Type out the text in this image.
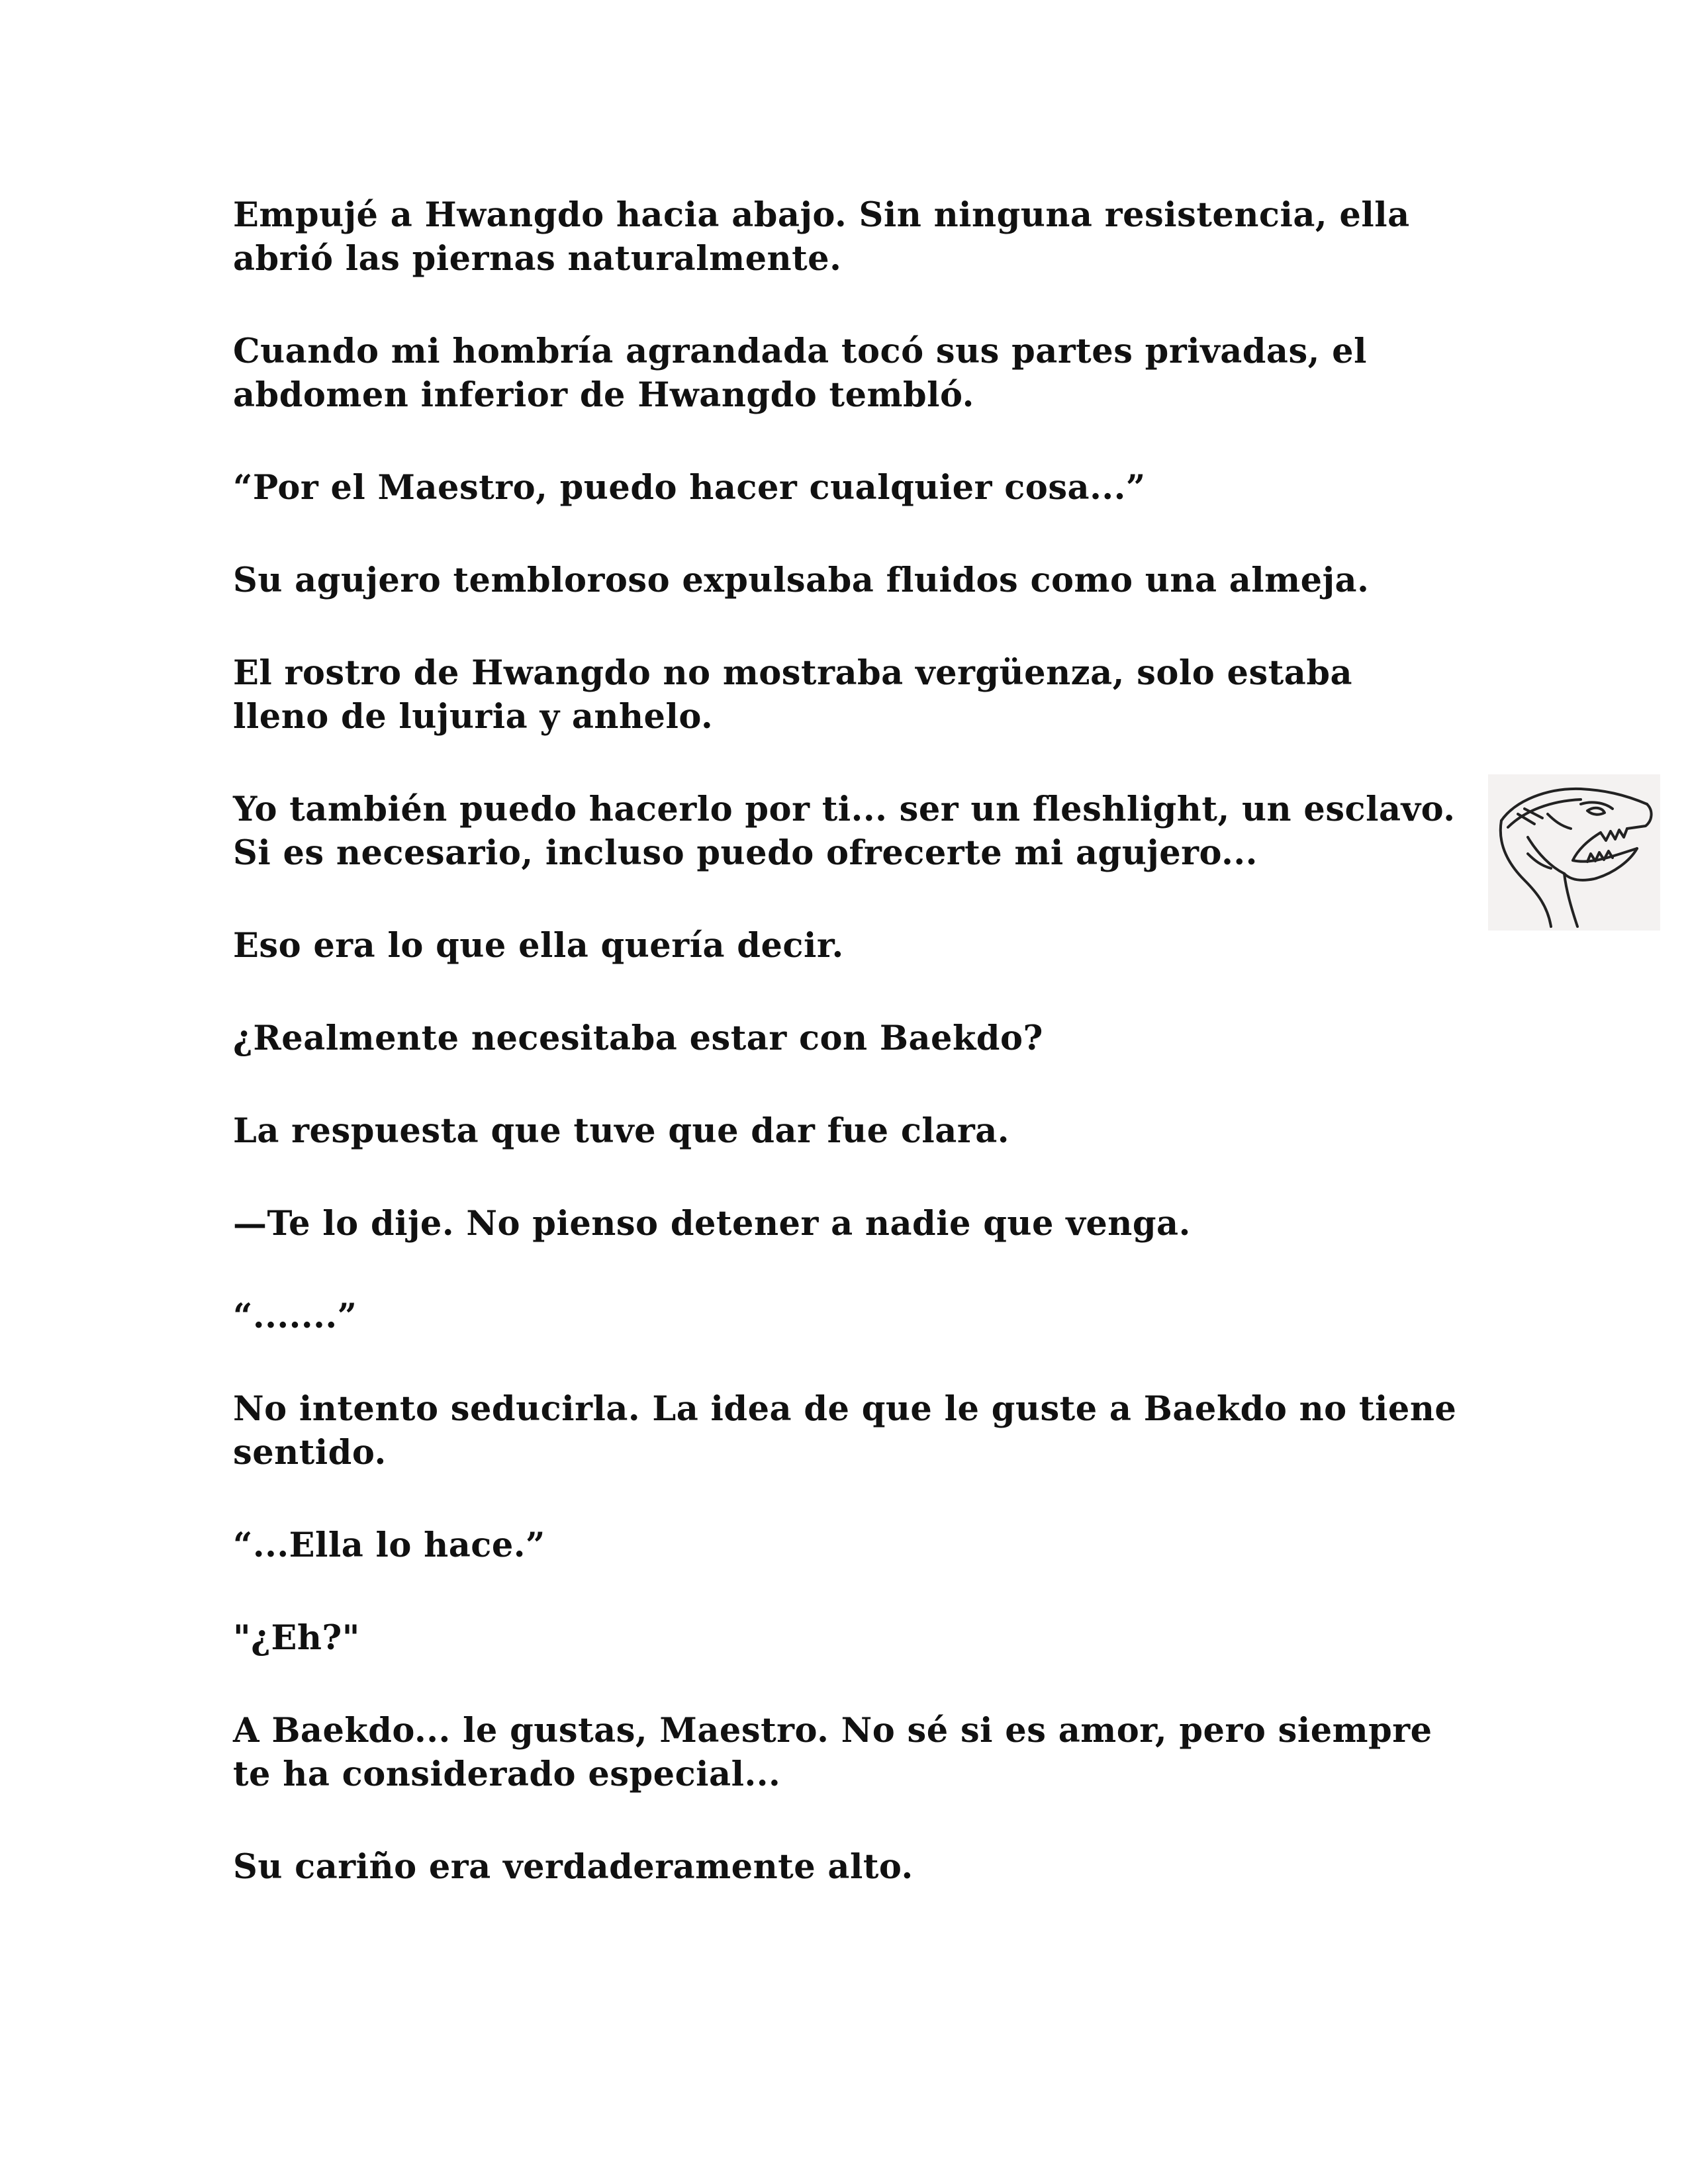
Empujé a Hwangdo hacia abajo. Sin ninguna resistencia, ella abrió las piernas naturalmente.

Cuando mi hombría agrandada tocó sus partes privadas, el abdomen inferior de Hwangdo tembló.

“Por el Maestro, puedo hacer cualquier cosa...”

Su agujero tembloroso expulsaba fluidos como una almeja.

El rostro de Hwangdo no mostraba vergüenza, solo estaba lleno de lujuria y anhelo.

Yo también puedo hacerlo por ti... ser un fleshlight, un esclavo. Si es necesario, incluso puedo ofrecerte mi agujero...

Eso era lo que ella quería decir.

¿Realmente necesitaba estar con Baekdo?

La respuesta que tuve que dar fue clara.

—Te lo dije. No pienso detener a nadie que venga.

“.......”

No intento seducirla. La idea de que le guste a Baekdo no tiene sentido.

“...Ella lo hace.”

"¿Eh?"

A Baekdo... le gustas, Maestro. No sé si es amor, pero siempre te ha considerado especial...

Su cariño era verdaderamente alto.
